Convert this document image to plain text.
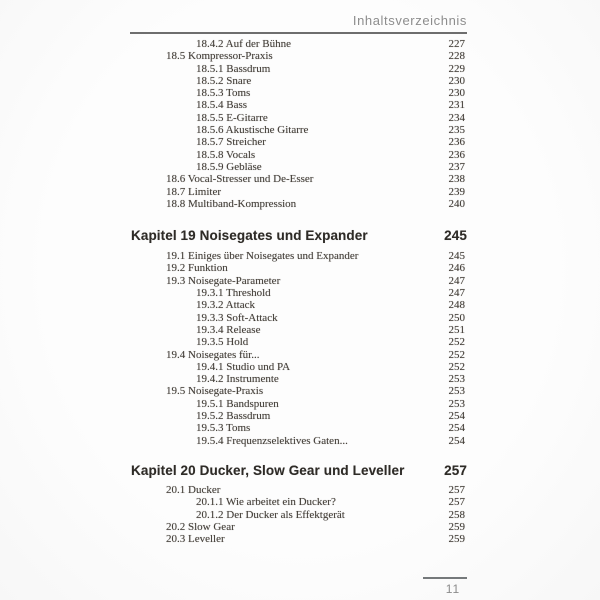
Inhaltsverzeichnis
18.4.2 Auf der Bühne	227
18.5 Kompressor-Praxis	228
18.5.1 Bassdrum	229
18.5.2 Snare	230
18.5.3 Toms	230
18.5.4 Bass	231
18.5.5 E-Gitarre	234
18.5.6 Akustische Gitarre	235
18.5.7 Streicher	236
18.5.8 Vocals	236
18.5.9 Gebläse	237
18.6 Vocal-Stresser und De-Esser	238
18.7 Limiter	239
18.8 Multiband-Kompression	240
Kapitel 19 Noisegates und Expander	245
19.1 Einiges über Noisegates und Expander	245
19.2 Funktion	246
19.3 Noisegate-Parameter	247
19.3.1 Threshold	247
19.3.2 Attack	248
19.3.3 Soft-Attack	250
19.3.4 Release	251
19.3.5 Hold	252
19.4 Noisegates für...	252
19.4.1 Studio und PA	252
19.4.2 Instrumente	253
19.5 Noisegate-Praxis	253
19.5.1 Bandspuren	253
19.5.2 Bassdrum	254
19.5.3 Toms	254
19.5.4 Frequenzselektives Gaten...	254
Kapitel 20 Ducker, Slow Gear und Leveller	257
20.1 Ducker	257
20.1.1 Wie arbeitet ein Ducker?	257
20.1.2 Der Ducker als Effektgerät	258
20.2 Slow Gear	259
20.3 Leveller	259
11
